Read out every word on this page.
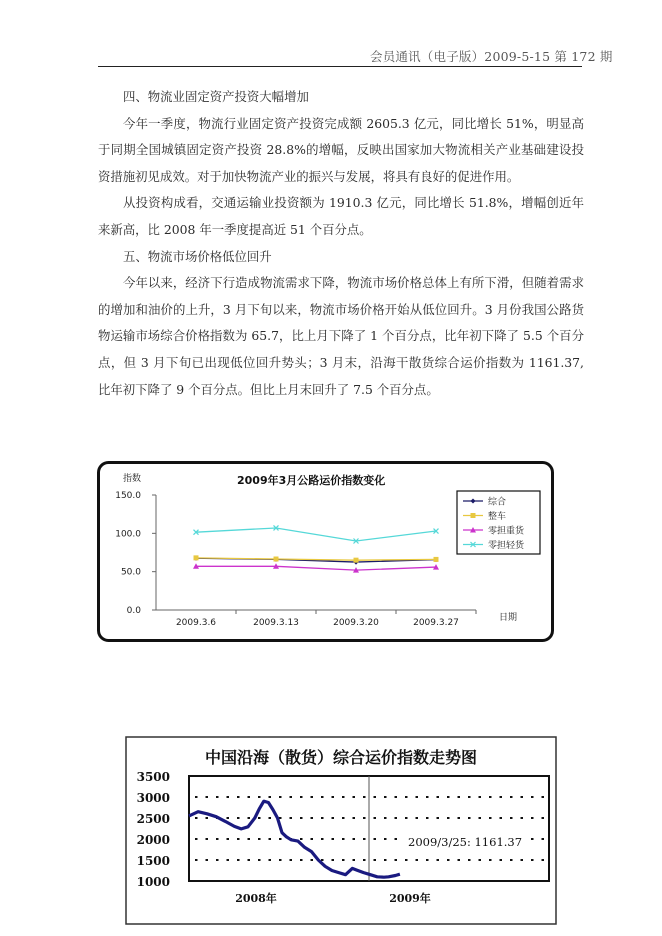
会员通讯（电子版）2009-5-15 第 172 期

四、物流业固定资产投资大幅增加

今年一季度，物流行业固定资产投资完成额 2605.3 亿元，同比增长 51%，明显高于同期全国城镇固定资产投资 28.8%的增幅，反映出国家加大物流相关产业基础建设投资措施初见成效。对于加快物流产业的振兴与发展，将具有良好的促进作用。

从投资构成看，交通运输业投资额为 1910.3 亿元，同比增长 51.8%，增幅创近年来新高，比 2008 年一季度提高近 51 个百分点。

五、物流市场价格低位回升

今年以来，经济下行造成物流需求下降，物流市场价格总体上有所下滑，但随着需求的增加和油价的上升，3 月下旬以来，物流市场价格开始从低位回升。3 月份我国公路货物运输市场综合价格指数为 65.7，比上月下降了 1 个百分点，比年初下降了 5.5 个百分点，但 3 月下旬已出现低位回升势头；3 月末，沿海干散货综合运价指数为 1161.37, 比年初下降了 9 个百分点。但比上月末回升了 7.5 个百分点。

2009年3月公路运价指数变化
指数
150.0
100.0
50.0
0.0
2009.3.6	2009.3.13	2009.3.20	2009.3.27	日期
综合
整车
零担重货
零担轻货
中国沿海（散货）综合运价指数走势图
3500
3000
2500
2000
1500
1000
2009/3/25: 1161.37
2008年	2009年
